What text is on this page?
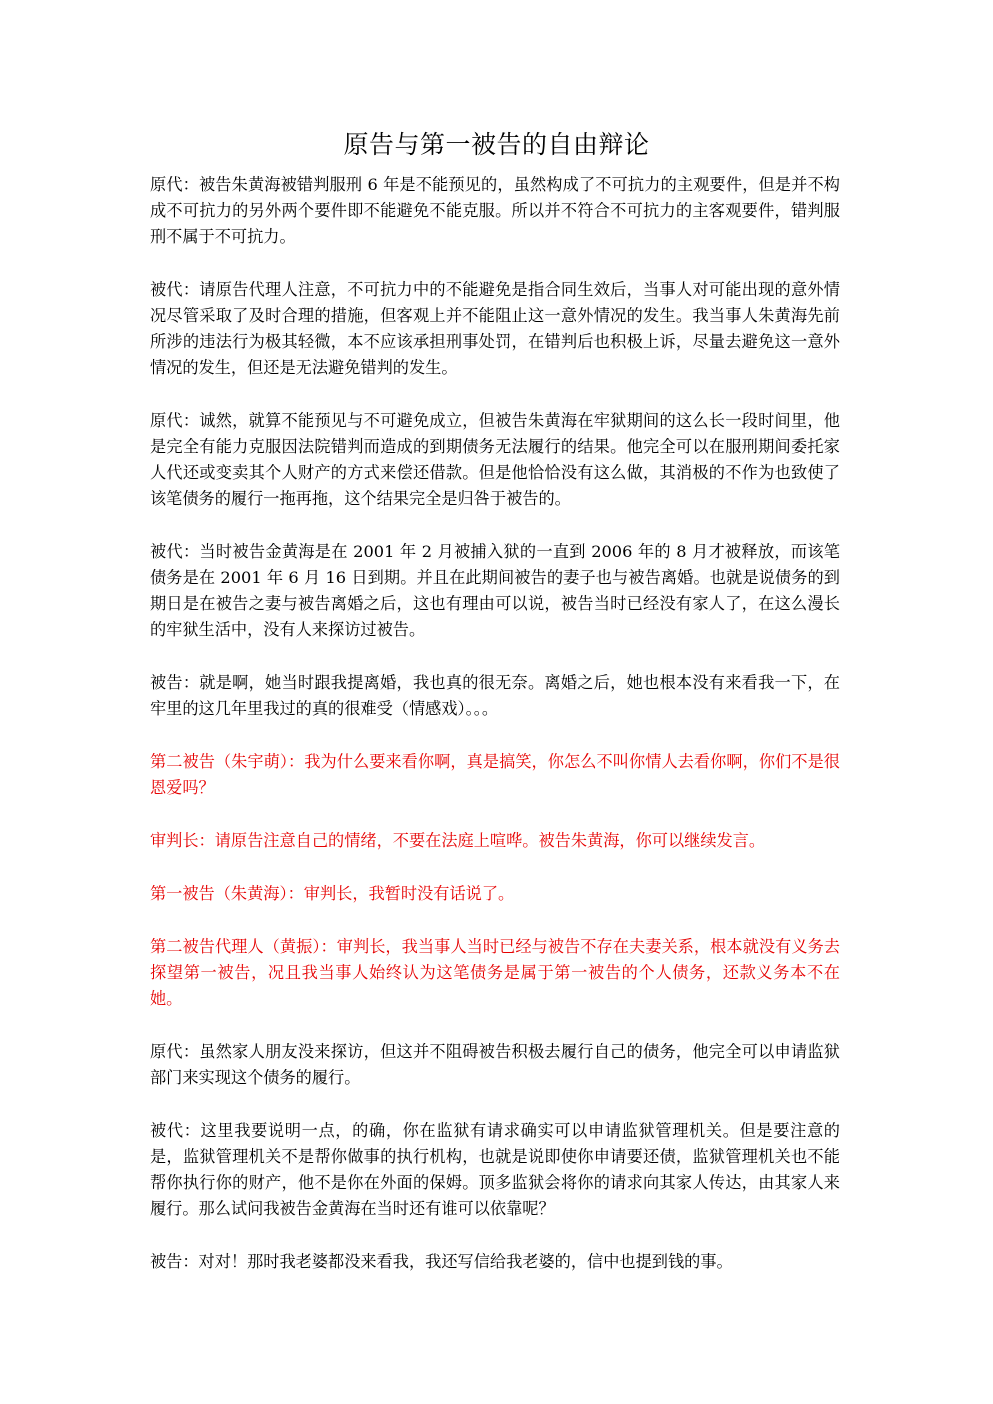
原告与第一被告的自由辩论

原代：被告朱黄海被错判服刑 6 年是不能预见的，虽然构成了不可抗力的主观要件，但是并不构成不可抗力的另外两个要件即不能避免不能克服。所以并不符合不可抗力的主客观要件，错判服刑不属于不可抗力。

被代：请原告代理人注意，不可抗力中的不能避免是指合同生效后，当事人对可能出现的意外情况尽管采取了及时合理的措施，但客观上并不能阻止这一意外情况的发生。我当事人朱黄海先前所涉的违法行为极其轻微，本不应该承担刑事处罚，在错判后也积极上诉，尽量去避免这一意外情况的发生，但还是无法避免错判的发生。

原代：诚然，就算不能预见与不可避免成立，但被告朱黄海在牢狱期间的这么长一段时间里，他是完全有能力克服因法院错判而造成的到期债务无法履行的结果。他完全可以在服刑期间委托家人代还或变卖其个人财产的方式来偿还借款。但是他恰恰没有这么做，其消极的不作为也致使了该笔债务的履行一拖再拖，这个结果完全是归咎于被告的。

被代：当时被告金黄海是在 2001 年 2 月被捕入狱的一直到 2006 年的 8 月才被释放，而该笔债务是在 2001 年 6 月 16 日到期。并且在此期间被告的妻子也与被告离婚。也就是说债务的到期日是在被告之妻与被告离婚之后，这也有理由可以说，被告当时已经没有家人了，在这么漫长的牢狱生活中，没有人来探访过被告。

被告：就是啊，她当时跟我提离婚，我也真的很无奈。离婚之后，她也根本没有来看我一下，在牢里的这几年里我过的真的很难受（情感戏）。。。

第二被告（朱宇萌）：我为什么要来看你啊，真是搞笑，你怎么不叫你情人去看你啊，你们不是很恩爱吗？

审判长：请原告注意自己的情绪，不要在法庭上喧哗。被告朱黄海，你可以继续发言。

第一被告（朱黄海）：审判长，我暂时没有话说了。

第二被告代理人（黄振）：审判长，我当事人当时已经与被告不存在夫妻关系，根本就没有义务去探望第一被告，况且我当事人始终认为这笔债务是属于第一被告的个人债务，还款义务本不在她。

原代：虽然家人朋友没来探访，但这并不阻碍被告积极去履行自己的债务，他完全可以申请监狱部门来实现这个债务的履行。

被代：这里我要说明一点，的确，你在监狱有请求确实可以申请监狱管理机关。但是要注意的是，监狱管理机关不是帮你做事的执行机构，也就是说即使你申请要还债，监狱管理机关也不能帮你执行你的财产，他不是你在外面的保姆。顶多监狱会将你的请求向其家人传达，由其家人来履行。那么试问我被告金黄海在当时还有谁可以依靠呢？

被告：对对！那时我老婆都没来看我，我还写信给我老婆的，信中也提到钱的事。
